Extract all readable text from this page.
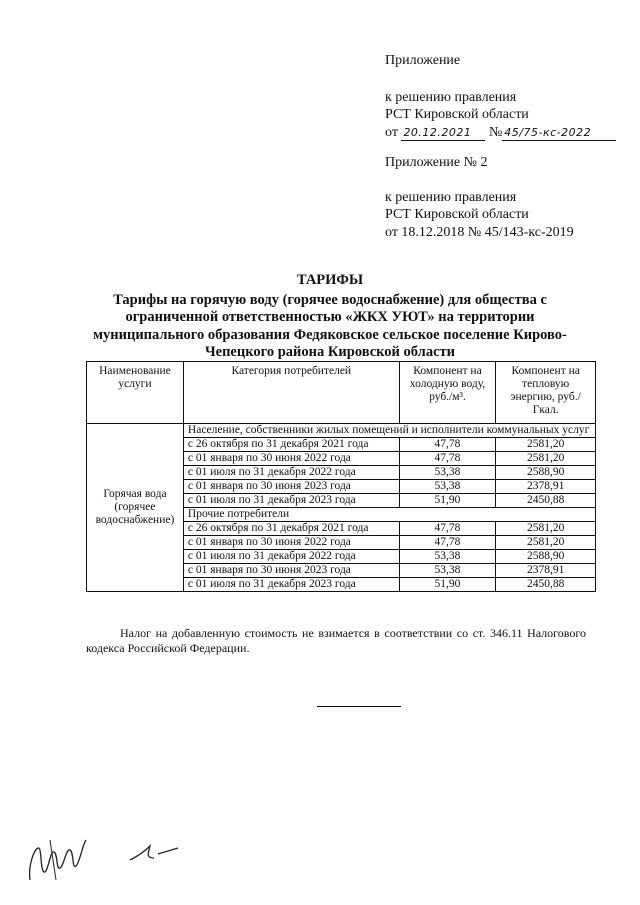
Приложение
к решению правления
РСТ Кировской области
от 20.12.2021 № 45/75-кс-2022
Приложение № 2
к решению правления
РСТ Кировской области
от 18.12.2018 № 45/143-кс-2019
ТАРИФЫ
Тарифы на горячую воду (горячее водоснабжение) для общества с
ограниченной ответственностью «ЖКХ УЮТ» на территории
муниципального образования Федяковское сельское поселение Кирово-
Чепецкого района Кировской области
Наименование услуги	Категория потребителей	Компонент на холодную воду, руб./м³.	Компонент на тепловую энергию, руб./Гкал.
Горячая вода (горячее водоснабжение)	Население, собственники жилых помещений и исполнители коммунальных услуг		
	с 26 октября по 31 декабря 2021 года	47,78	2581,20
	с 01 января по 30 июня 2022 года	47,78	2581,20
	с 01 июля по 31 декабря 2022 года	53,38	2588,90
	с 01 января по 30 июня 2023 года	53,38	2378,91
	с 01 июля по 31 декабря 2023 года	51,90	2450,88
	Прочие потребители		
	с 26 октября по 31 декабря 2021 года	47,78	2581,20
	с 01 января по 30 июня 2022 года	47,78	2581,20
	с 01 июля по 31 декабря 2022 года	53,38	2588,90
	с 01 января по 30 июня 2023 года	53,38	2378,91
	с 01 июля по 31 декабря 2023 года	51,90	2450,88
Налог на добавленную стоимость не взимается в соответствии со ст. 346.11 Налогового кодекса Российской Федерации.
